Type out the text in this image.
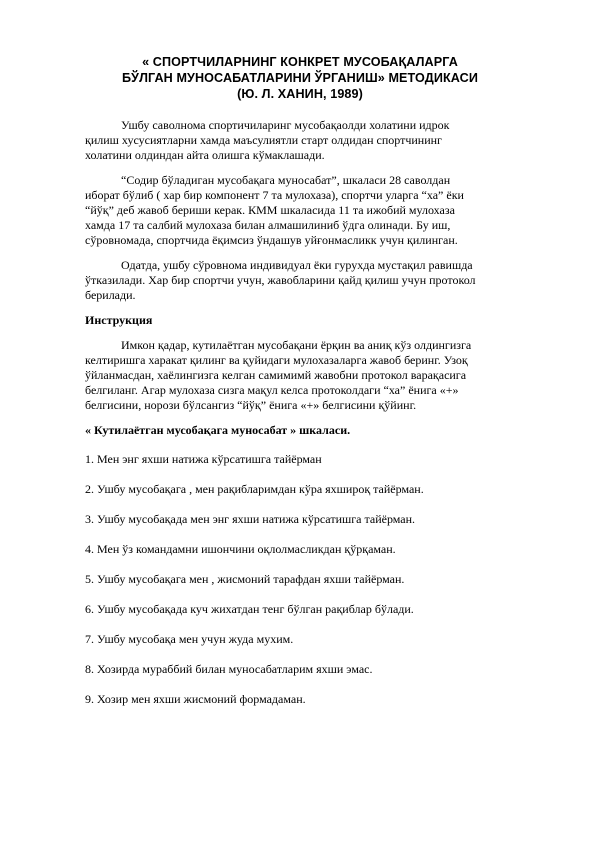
« СПОРТЧИЛАРНИНГ КОНКРЕТ МУСОБАҚАЛАРГА
БЎЛГАН МУНОСАБАТЛАРИНИ ЎРГАНИШ» МЕТОДИКАСИ
(Ю. Л. ХАНИН, 1989)
Ушбу саволнома спортичиларинг мусобақаолди холатини идрок
қилиш хусусиятларни хамда маъсулиятли старт олдидан спортчининг
холатини олдиндан айта олишга кўмаклашади.
“Содир бўладиган мусобақага муносабат”, шкаласи 28 саволдан
иборат бўлиб ( хар бир компонент 7 та мулохаза), спортчи уларга “ха” ёки
“йўқ” деб жавоб бериши керак. КММ шкаласида 11 та ижобий мулохаза
хамда 17 та салбий мулохаза билан алмашилиниб ўдга олинади. Бу иш,
сўровномада, спортчида ёқимсиз ўндашув уйғонмасликк учун қилинган.
Одатда, ушбу сўровнома индивидуал ёки гурухда мустақил равишда
ўтказилади. Хар бир спортчи учун, жавобларини қайд қилиш учун протокол
берилади.
Инструкция
Имкон қадар, кутилаётган мусобақани ёрқин ва аниқ кўз олдингизга
келтиришга харакат қилинг ва қуйидаги мулохазаларга жавоб беринг. Узоқ
ўйланмасдан, хаёлингизга келган самимимй жавобни протокол варақасига
белгиланг. Агар мулохаза сизга мақул келса протоколдаги “ха” ёнига «+»
белгисини, норози бўлсангиз “йўқ” ёнига «+» белгисини қўйинг.
« Кутилаётган мусобақага муносабат » шкаласи.
1. Мен энг яхши натижа кўрсатишга тайёрман
2. Ушбу мусобақага , мен рақибларимдан кўра яхшироқ тайёрман.
3. Ушбу мусобақада мен энг яхши натижа кўрсатишга тайёрман.
4. Мен ўз командамни ишончини оқлолмасликдан қўрқаман.
5. Ушбу мусобақага мен , жисмоний тарафдан яхши тайёрман.
6. Ушбу мусобақада куч жихатдан тенг бўлган рақиблар бўлади.
7. Ушбу мусобақа мен учун жуда мухим.
8. Хозирда мураббий билан муносабатларим яхши эмас.
9. Хозир мен яхши жисмоний формадаман.
